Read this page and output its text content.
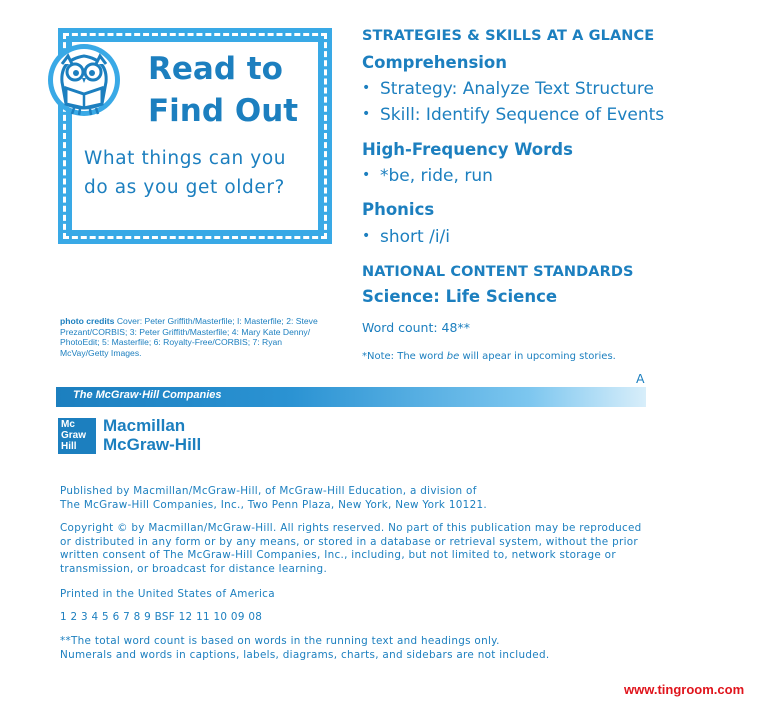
Read to
Find Out
What things can you do as you get older?
STRATEGIES & SKILLS AT A GLANCE
Comprehension
• Strategy: Analyze Text Structure
• Skill: Identify Sequence of Events
High-Frequency Words
• *be, ride, run
Phonics
• short /i/i
NATIONAL CONTENT STANDARDS
Science: Life Science
Word count: 48**
*Note: The word be will apear in upcoming stories.
A
photo credits Cover: Peter Griffith/Masterfile; I: Masterfile; 2: Steve Prezant/CORBIS; 3: Peter Griffith/Masterfile; 4: Mary Kate Denny/ PhotoEdit; 5: Masterfile; 6: Royalty-Free/CORBIS; 7: Ryan McVay/Getty Images.
The McGraw·Hill Companies
Mc
Graw
Hill
Macmillan
McGraw-Hill
Published by Macmillan/McGraw-Hill, of McGraw-Hill Education, a division of
The McGraw-Hill Companies, Inc., Two Penn Plaza, New York, New York 10121.
Copyright © by Macmillan/McGraw-Hill. All rights reserved. No part of this publication may be reproduced
or distributed in any form or by any means, or stored in a database or retrieval system, without the prior
written consent of The McGraw-Hill Companies, Inc., including, but not limited to, network storage or
transmission, or broadcast for distance learning.
Printed in the United States of America
1 2 3 4 5 6 7 8 9 BSF 12 11 10 09 08
**The total word count is based on words in the running text and headings only.
Numerals and words in captions, labels, diagrams, charts, and sidebars are not included.
www.tingroom.com
